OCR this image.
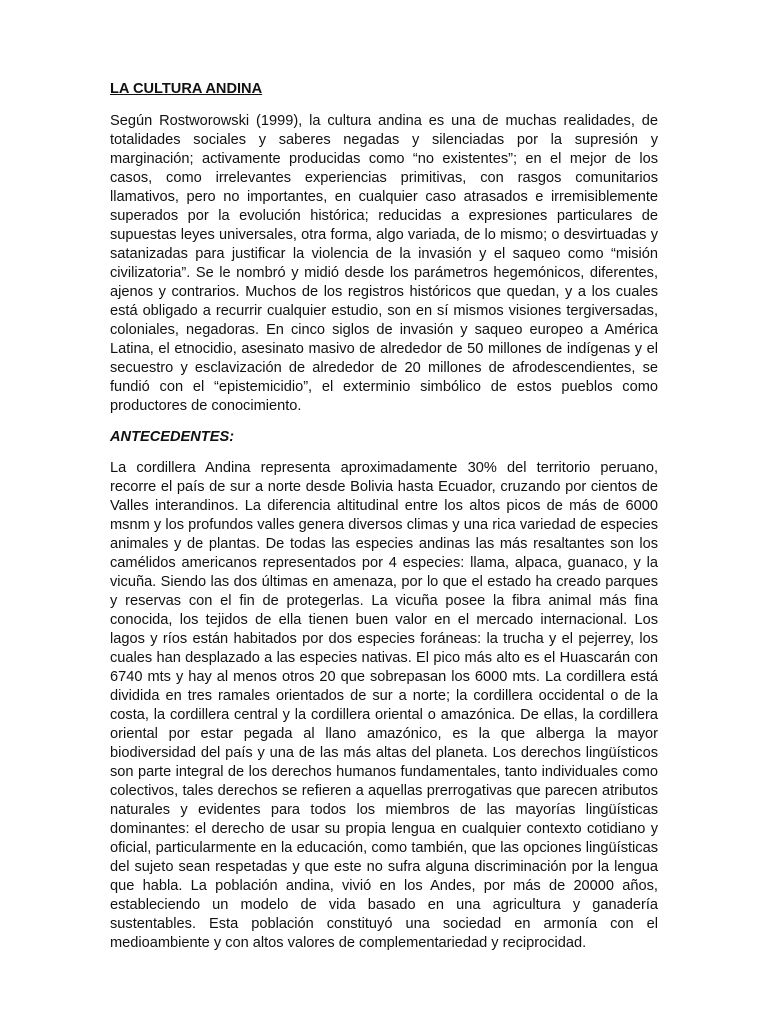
LA CULTURA ANDINA

Según Rostworowski (1999), la cultura andina es una de muchas realidades, de totalidades sociales y saberes negadas y silenciadas por la supresión y marginación; activamente producidas como “no existentes”; en el mejor de los casos, como irrelevantes experiencias primitivas, con rasgos comunitarios llamativos, pero no importantes, en cualquier caso atrasados e irremisiblemente superados por la evolución histórica; reducidas a expresiones particulares de supuestas leyes universales, otra forma, algo variada, de lo mismo; o desvirtuadas y satanizadas para justificar la violencia de la invasión y el saqueo como “misión civilizatoria”. Se le nombró y midió desde los parámetros hegemónicos, diferentes, ajenos y contrarios. Muchos de los registros históricos que quedan, y a los cuales está obligado a recurrir cualquier estudio, son en sí mismos visiones tergiversadas, coloniales, negadoras. En cinco siglos de invasión y saqueo europeo a América Latina, el etnocidio, asesinato masivo de alrededor de 50 millones de indígenas y el secuestro y esclavización de alrededor de 20 millones de afrodescendientes, se fundió con el “epistemicidio”, el exterminio simbólico de estos pueblos como productores de conocimiento.

ANTECEDENTES:

La cordillera Andina representa aproximadamente 30% del territorio peruano, recorre el país de sur a norte desde Bolivia hasta Ecuador, cruzando por cientos de Valles interandinos. La diferencia altitudinal entre los altos picos de más de 6000 msnm y los profundos valles genera diversos climas y una rica variedad de especies animales y de plantas. De todas las especies andinas las más resaltantes son los camélidos americanos representados por 4 especies: llama, alpaca, guanaco, y la vicuña. Siendo las dos últimas en amenaza, por lo que el estado ha creado parques y reservas con el fin de protegerlas. La vicuña posee la fibra animal más fina conocida, los tejidos de ella tienen buen valor en el mercado internacional. Los lagos y ríos están habitados por dos especies foráneas: la trucha y el pejerrey, los cuales han desplazado a las especies nativas. El pico más alto es el Huascarán con 6740 mts y hay al menos otros 20 que sobrepasan los 6000 mts. La cordillera está dividida en tres ramales orientados de sur a norte; la cordillera occidental o de la costa, la cordillera central y la cordillera oriental o amazónica. De ellas, la cordillera oriental por estar pegada al llano amazónico, es la que alberga la mayor biodiversidad del país y una de las más altas del planeta. Los derechos lingüísticos son parte integral de los derechos humanos fundamentales, tanto individuales como colectivos, tales derechos se refieren a aquellas prerrogativas que parecen atributos naturales y evidentes para todos los miembros de las mayorías lingüísticas dominantes: el derecho de usar su propia lengua en cualquier contexto cotidiano y oficial, particularmente en la educación, como también, que las opciones lingüísticas del sujeto sean respetadas y que este no sufra alguna discriminación por la lengua que habla. La población andina, vivió en los Andes, por más de 20000 años, estableciendo un modelo de vida basado en una agricultura y ganadería sustentables. Esta población constituyó una sociedad en armonía con el medioambiente y con altos valores de complementariedad y reciprocidad.
